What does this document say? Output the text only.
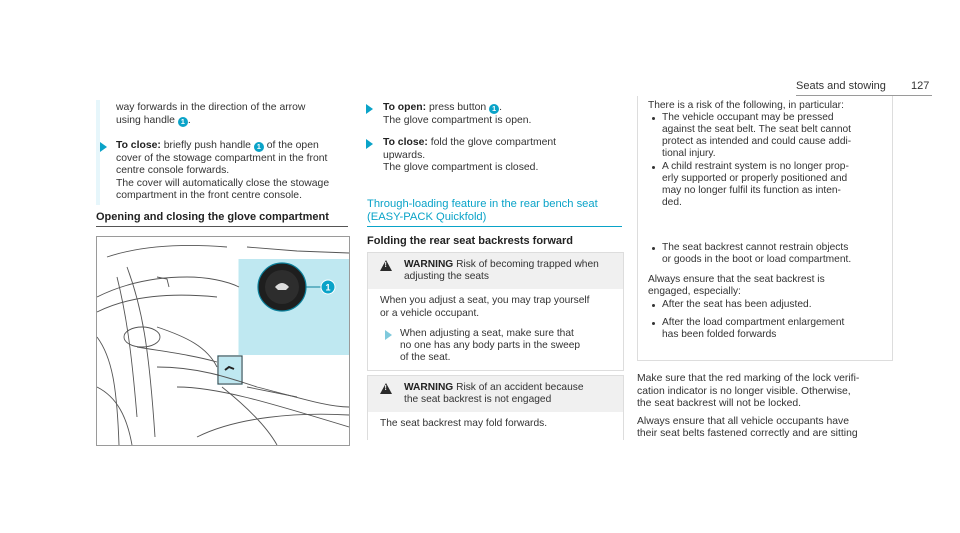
Seats and stowing 127
way forwards in the direction of the arrow
using handle 1 .
To close: briefly push handle 1 of the open
cover of the stowage compartment in the front
centre console forwards.
The cover will automatically close the stowage
compartment in the front centre console.
Opening and closing the glove compartment
1
To open: press button 1 .
The glove compartment is open.
To close: fold the glove compartment
upwards.
The glove compartment is closed.
Through-loading feature in the rear bench seat
(EASY-PACK Quickfold)
Folding the rear seat backrests forward
!
WARNING Risk of becoming trapped when
adjusting the seats
When you adjust a seat, you may trap yourself
or a vehicle occupant.
When adjusting a seat, make sure that
no one has any body parts in the sweep
of the seat.
!
WARNING Risk of an accident because
the seat backrest is not engaged
The seat backrest may fold forwards.
There is a risk of the following, in particular:
The vehicle occupant may be pressed
against the seat belt. The seat belt cannot
protect as intended and could cause addi-
tional injury.
A child restraint system is no longer prop-
erly supported or properly positioned and
may no longer fulfil its function as inten-
ded.
The seat backrest cannot restrain objects
or goods in the boot or load compartment.
Always ensure that the seat backrest is
engaged, especially:
After the seat has been adjusted.
After the load compartment enlargement
has been folded forwards
Make sure that the red marking of the lock verifi-
cation indicator is no longer visible. Otherwise,
the seat backrest will not be locked.
Always ensure that all vehicle occupants have
their seat belts fastened correctly and are sitting
